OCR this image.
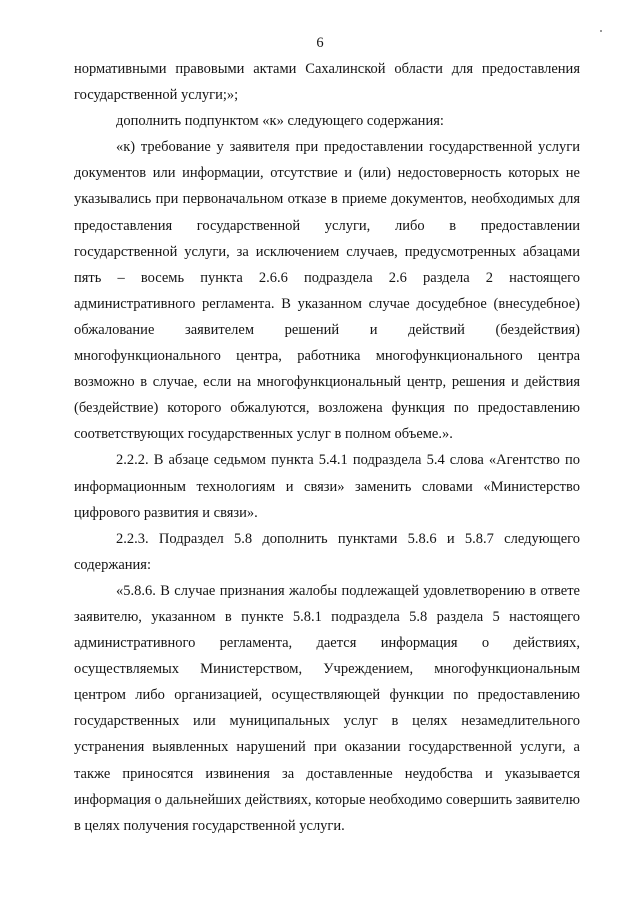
6

нормативными правовыми актами Сахалинской области для предоставления государственной услуги;»;

дополнить подпунктом «к» следующего содержания:

«к) требование у заявителя при предоставлении государственной услуги документов или информации, отсутствие и (или) недостоверность которых не указывались при первоначальном отказе в приеме документов, необходимых для предоставления государственной услуги, либо в предоставлении государственной услуги, за исключением случаев, предусмотренных абзацами пять – восемь пункта 2.6.6 подраздела 2.6 раздела 2 настоящего административного регламента. В указанном случае досудебное (внесудебное) обжалование заявителем решений и действий (бездействия) многофункционального центра, работника многофункционального центра возможно в случае, если на многофункциональный центр, решения и действия (бездействие) которого обжалуются, возложена функция по предоставлению соответствующих государственных услуг в полном объеме.».

2.2.2. В абзаце седьмом пункта 5.4.1 подраздела 5.4 слова «Агентство по информационным технологиям и связи» заменить словами «Министерство цифрового развития и связи».

2.2.3. Подраздел 5.8 дополнить пунктами 5.8.6 и 5.8.7 следующего содержания:

«5.8.6. В случае признания жалобы подлежащей удовлетворению в ответе заявителю, указанном в пункте 5.8.1 подраздела 5.8 раздела 5 настоящего административного регламента, дается информация о действиях, осуществляемых Министерством, Учреждением, многофункциональным центром либо организацией, осуществляющей функции по предоставлению государственных или муниципальных услуг в целях незамедлительного устранения выявленных нарушений при оказании государственной услуги, а также приносятся извинения за доставленные неудобства и указывается информация о дальнейших действиях, которые необходимо совершить заявителю в целях получения государственной услуги.
